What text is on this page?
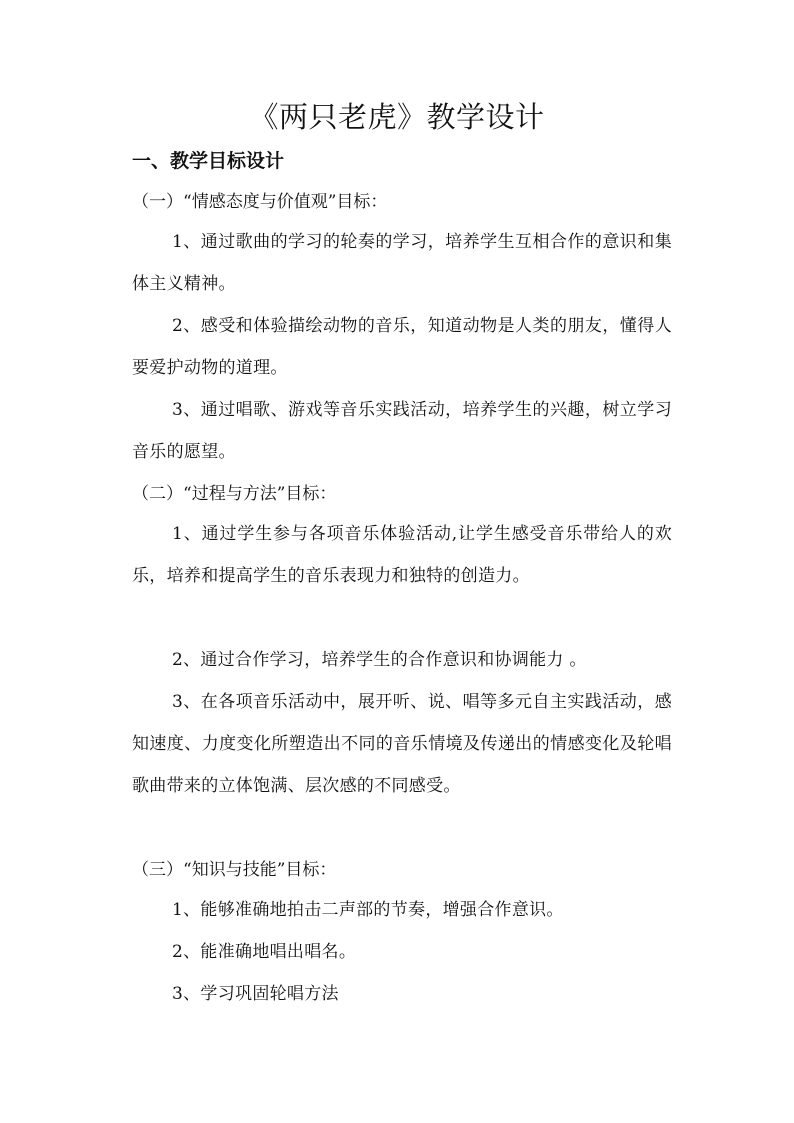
《两只老虎》教学设计
一、教学目标设计
（一）“情感态度与价值观”目标：

1、通过歌曲的学习的轮奏的学习，培养学生互相合作的意识和集体主义精神。

2、感受和体验描绘动物的音乐，知道动物是人类的朋友，懂得人要爱护动物的道理。

3、通过唱歌、游戏等音乐实践活动，培养学生的兴趣，树立学习音乐的愿望。

（二）“过程与方法”目标：

1、通过学生参与各项音乐体验活动,让学生感受音乐带给人的欢乐，培养和提高学生的音乐表现力和独特的创造力。

2、通过合作学习，培养学生的合作意识和协调能力 。

3、在各项音乐活动中，展开听、说、唱等多元自主实践活动，感知速度、力度变化所塑造出不同的音乐情境及传递出的情感变化及轮唱歌曲带来的立体饱满、层次感的不同感受。

（三）“知识与技能”目标：

1、能够准确地拍击二声部的节奏，增强合作意识。

2、能准确地唱出唱名。

3、学习巩固轮唱方法
